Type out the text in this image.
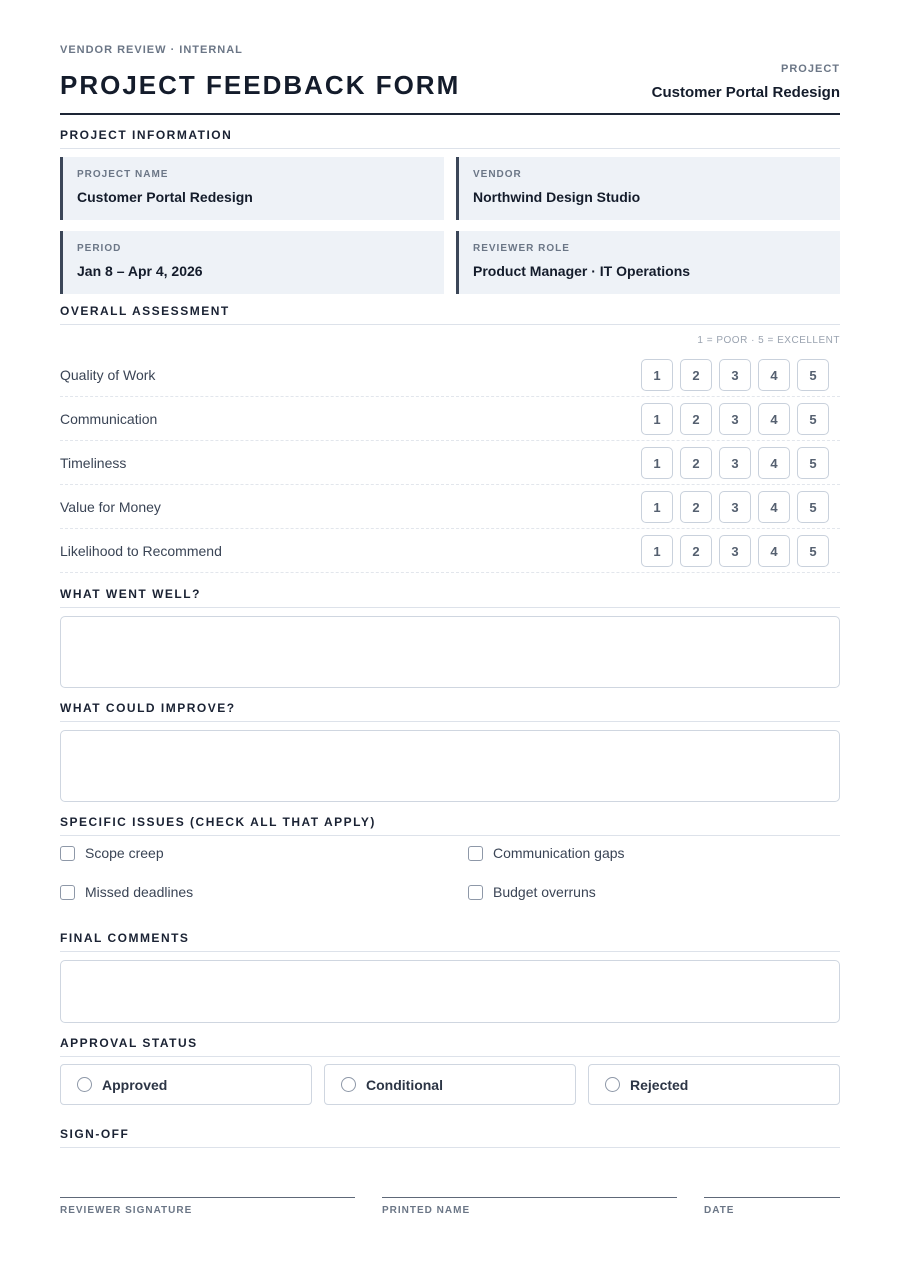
VENDOR REVIEW · INTERNAL
PROJECT FEEDBACK FORM
PROJECT
Customer Portal Redesign
PROJECT INFORMATION
PROJECT NAME
Customer Portal Redesign
VENDOR
Northwind Design Studio
PERIOD
Jan 8 – Apr 4, 2026
REVIEWER ROLE
Product Manager · IT Operations
OVERALL ASSESSMENT
1 = POOR · 5 = EXCELLENT
Quality of Work	1	2	3	4	5
Communication	1	2	3	4	5
Timeliness	1	2	3	4	5
Value for Money	1	2	3	4	5
Likelihood to Recommend	1	2	3	4	5
WHAT WENT WELL?
WHAT COULD IMPROVE?
SPECIFIC ISSUES (CHECK ALL THAT APPLY)
Scope creep	Communication gaps
Missed deadlines	Budget overruns
FINAL COMMENTS
APPROVAL STATUS
Approved	Conditional	Rejected
SIGN-OFF
REVIEWER SIGNATURE	PRINTED NAME	DATE
